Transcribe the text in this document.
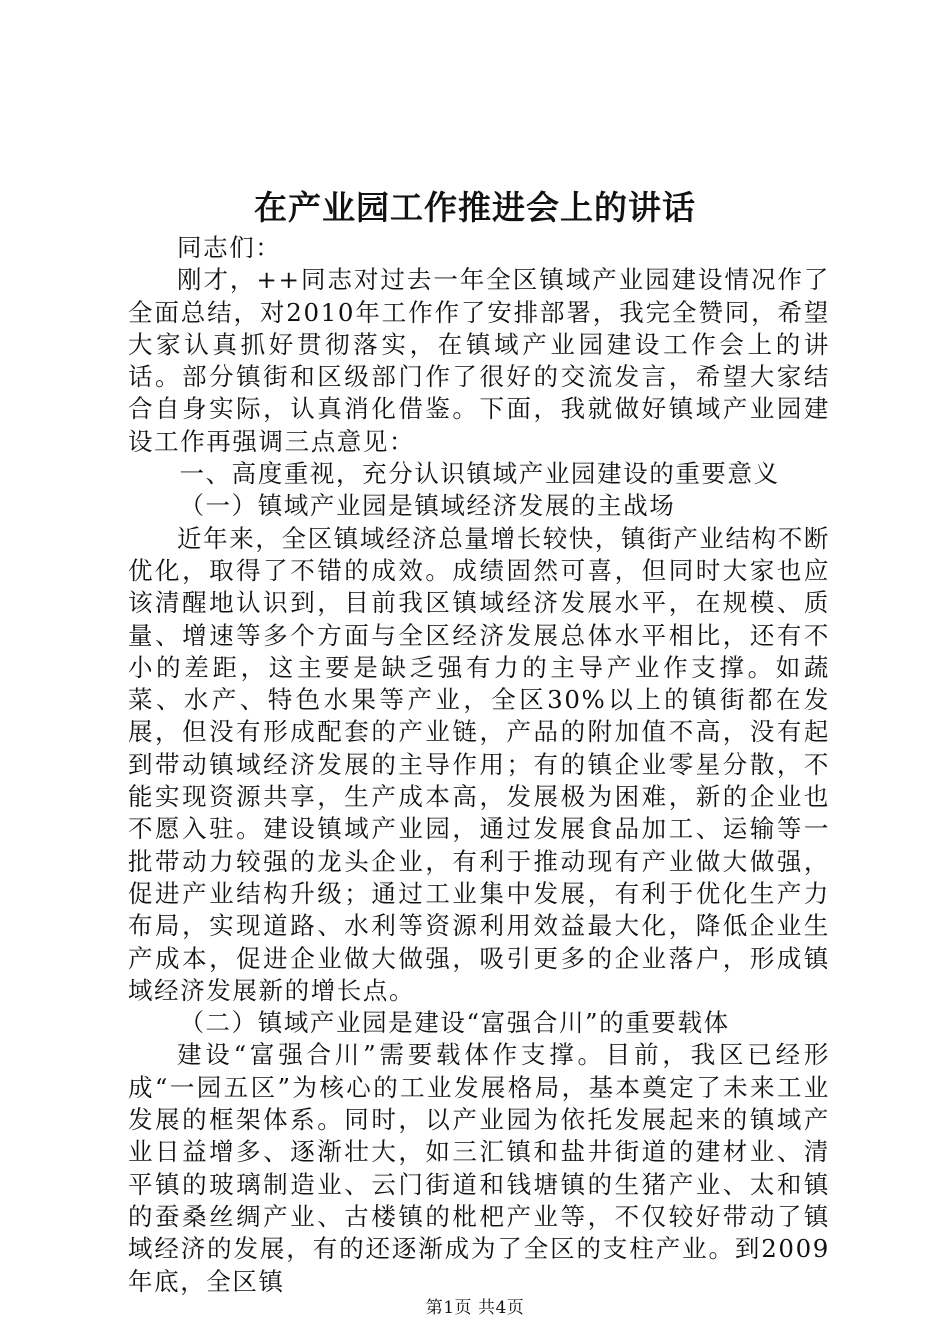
在产业园工作推进会上的讲话

同志们：

刚才，++同志对过去一年全区镇域产业园建设情况作了全面总结，对2010年工作作了安排部署，我完全赞同，希望大家认真抓好贯彻落实，在镇域产业园建设工作会上的讲话。部分镇街和区级部门作了很好的交流发言，希望大家结合自身实际，认真消化借鉴。下面，我就做好镇域产业园建设工作再强调三点意见：

一、高度重视，充分认识镇域产业园建设的重要意义

（一）镇域产业园是镇域经济发展的主战场

近年来，全区镇域经济总量增长较快，镇街产业结构不断优化，取得了不错的成效。成绩固然可喜，但同时大家也应该清醒地认识到，目前我区镇域经济发展水平，在规模、质量、增速等多个方面与全区经济发展总体水平相比，还有不小的差距，这主要是缺乏强有力的主导产业作支撑。如蔬菜、水产、特色水果等产业，全区30%以上的镇街都在发展，但没有形成配套的产业链，产品的附加值不高，没有起到带动镇域经济发展的主导作用；有的镇企业零星分散，不能实现资源共享，生产成本高，发展极为困难，新的企业也不愿入驻。建设镇域产业园，通过发展食品加工、运输等一批带动力较强的龙头企业，有利于推动现有产业做大做强，促进产业结构升级；通过工业集中发展，有利于优化生产力布局，实现道路、水利等资源利用效益最大化，降低企业生产成本，促进企业做大做强，吸引更多的企业落户，形成镇域经济发展新的增长点。

（二）镇域产业园是建设“富强合川”的重要载体

建设“富强合川”需要载体作支撑。目前，我区已经形成“一园五区”为核心的工业发展格局，基本奠定了未来工业发展的框架体系。同时，以产业园为依托发展起来的镇域产业日益增多、逐渐壮大，如三汇镇和盐井街道的建材业、清平镇的玻璃制造业、云门街道和钱塘镇的生猪产业、太和镇的蚕桑丝绸产业、古楼镇的枇杷产业等，不仅较好带动了镇域经济的发展，有的还逐渐成为了全区的支柱产业。到2009年底，全区镇

第1页 共4页
